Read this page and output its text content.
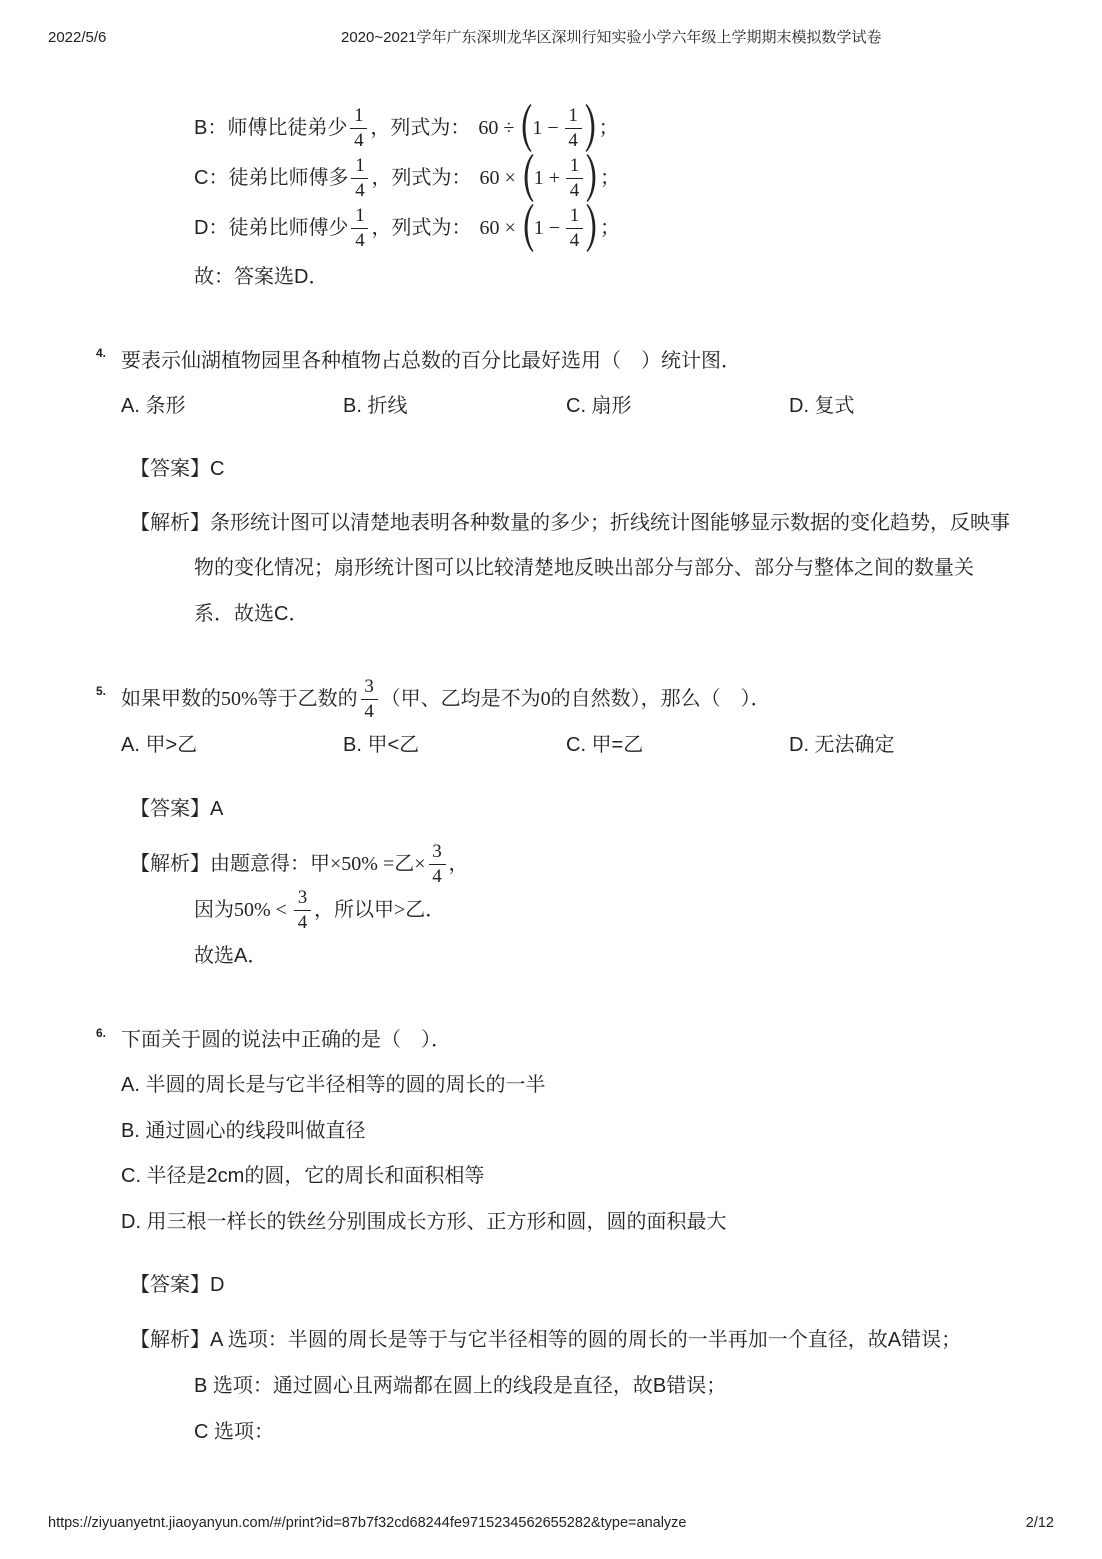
2022/5/6	2020~2021学年广东深圳龙华区深圳行知实验小学六年级上学期期末模拟数学试卷
B：师傅比徒弟少 $\frac{1}{4}$ ，列式为： $60 \div 1 - \frac{1}{4}$ ；
C：徒弟比师傅多 $\frac{1}{4}$ ，列式为： $60 \times 1 + \frac{1}{4}$ ；
D：徒弟比师傅少 $\frac{1}{4}$ ，列式为： $60 \times 1 - \frac{1}{4}$ ；
故：答案选D．
4. 要表示仙湖植物园里各种植物占总数的百分比最好选用（　）统计图．
A. 条形	B. 折线	C. 扇形	D. 复式
【答案】C
【解析】条形统计图可以清楚地表明各种数量的多少；折线统计图能够显示数据的变化趋势，反映事
物的变化情况；扇形统计图可以比较清楚地反映出部分与部分、部分与整体之间的数量关
系．故选C．
5. 如果甲数的 50% 等于乙数的 $\frac{3}{4}$ （甲、乙均是不为 0 的自然数），那么（　）．
A. 甲>乙	B. 甲<乙	C. 甲=乙	D. 无法确定
【答案】A
【解析】 由题意得：甲 ×50% = 乙 × $\frac{3}{4}$ ，
因为 $50\% < \frac{3}{4}$ ，所以甲 > 乙．
故选A．
6. 下面关于圆的说法中正确的是（　）．
A. 半圆的周长是与它半径相等的圆的周长的一半
B. 通过圆心的线段叫做直径
C. 半径是2cm的圆，它的周长和面积相等
D. 用三根一样长的铁丝分别围成长方形、正方形和圆，圆的面积最大
【答案】D
【解析】A 选项：半圆的周长是等于与它半径相等的圆的周长的一半再加一个直径，故A错误；
B 选项：通过圆心且两端都在圆上的线段是直径，故B错误；
C 选项：
https://ziyuanyetnt.jiaoyanyun.com/#/print?id=87b7f32cd68244fe9715234562655282&type=analyze	2/12
